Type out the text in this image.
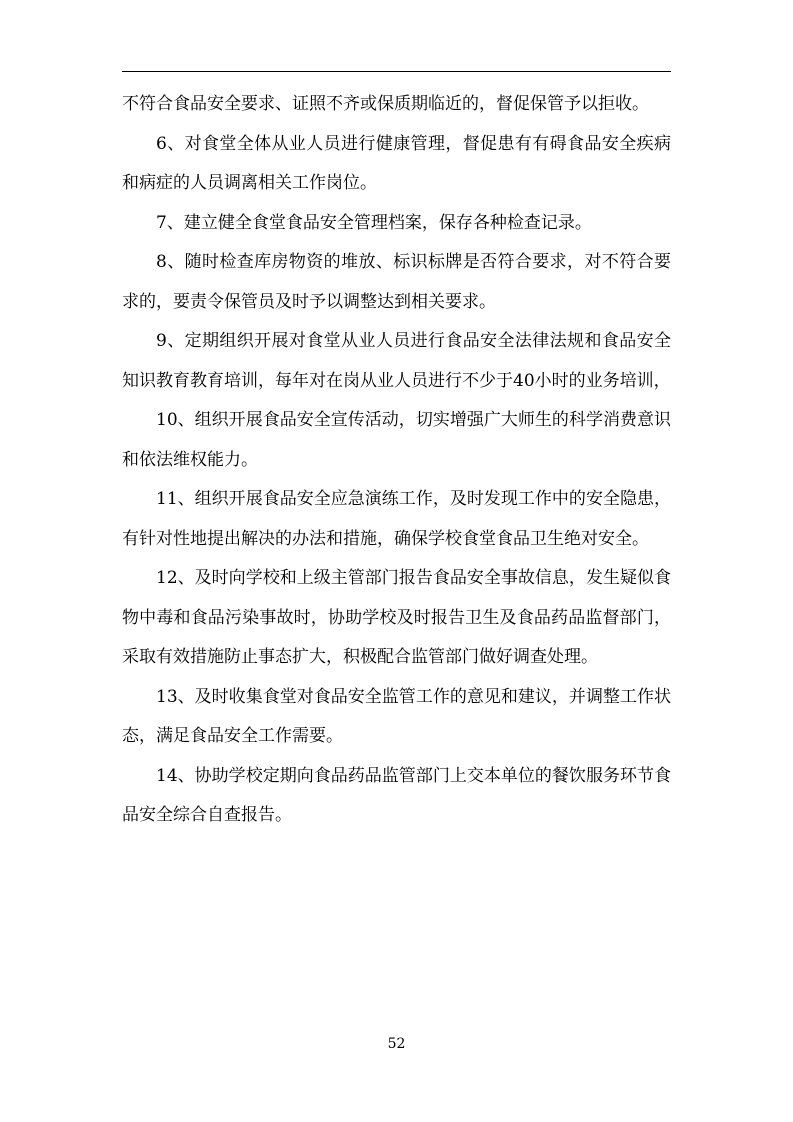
不符合食品安全要求、证照不齐或保质期临近的，督促保管予以拒收。

6、对食堂全体从业人员进行健康管理，督促患有有碍食品安全疾病和病症的人员调离相关工作岗位。

7、建立健全食堂食品安全管理档案，保存各种检查记录。

8、随时检查库房物资的堆放、标识标牌是否符合要求，对不符合要求的，要责令保管员及时予以调整达到相关要求。

9、定期组织开展对食堂从业人员进行食品安全法律法规和食品安全知识教育教育培训，每年对在岗从业人员进行不少于40小时的业务培训，

10、组织开展食品安全宣传活动，切实增强广大师生的科学消费意识和依法维权能力。

11、组织开展食品安全应急演练工作，及时发现工作中的安全隐患，有针对性地提出解决的办法和措施，确保学校食堂食品卫生绝对安全。

12、及时向学校和上级主管部门报告食品安全事故信息，发生疑似食物中毒和食品污染事故时，协助学校及时报告卫生及食品药品监督部门，采取有效措施防止事态扩大，积极配合监管部门做好调查处理。

13、及时收集食堂对食品安全监管工作的意见和建议，并调整工作状态，满足食品安全工作需要。

14、协助学校定期向食品药品监管部门上交本单位的餐饮服务环节食品安全综合自查报告。

52
